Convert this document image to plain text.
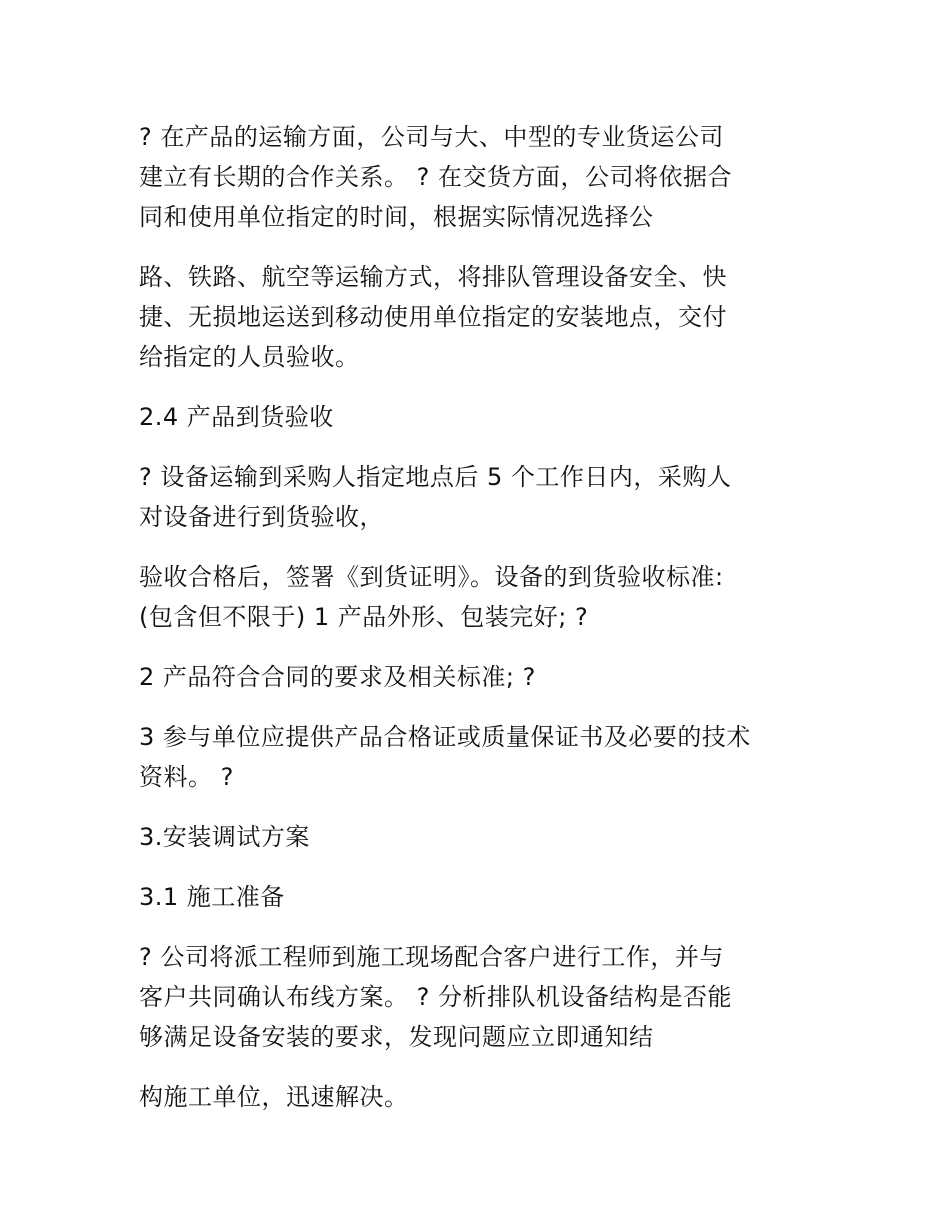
? 在产品的运输方面，公司与大、中型的专业货运公司
建立有长期的合作关系。 ? 在交货方面，公司将依据合
同和使用单位指定的时间，根据实际情况选择公
路、铁路、航空等运输方式，将排队管理设备安全、快
捷、无损地运送到移动使用单位指定的安装地点，交付
给指定的人员验收。
2.4 产品到货验收
? 设备运输到采购人指定地点后 5 个工作日内，采购人
对设备进行到货验收，
验收合格后，签署《到货证明》。设备的到货验收标准:
(包含但不限于) 1 产品外形、包装完好; ?
2 产品符合合同的要求及相关标准; ?
3 参与单位应提供产品合格证或质量保证书及必要的技术
资料。 ?
3.安装调试方案
3.1 施工准备
? 公司将派工程师到施工现场配合客户进行工作，并与
客户共同确认布线方案。 ? 分析排队机设备结构是否能
够满足设备安装的要求，发现问题应立即通知结
构施工单位，迅速解决。
